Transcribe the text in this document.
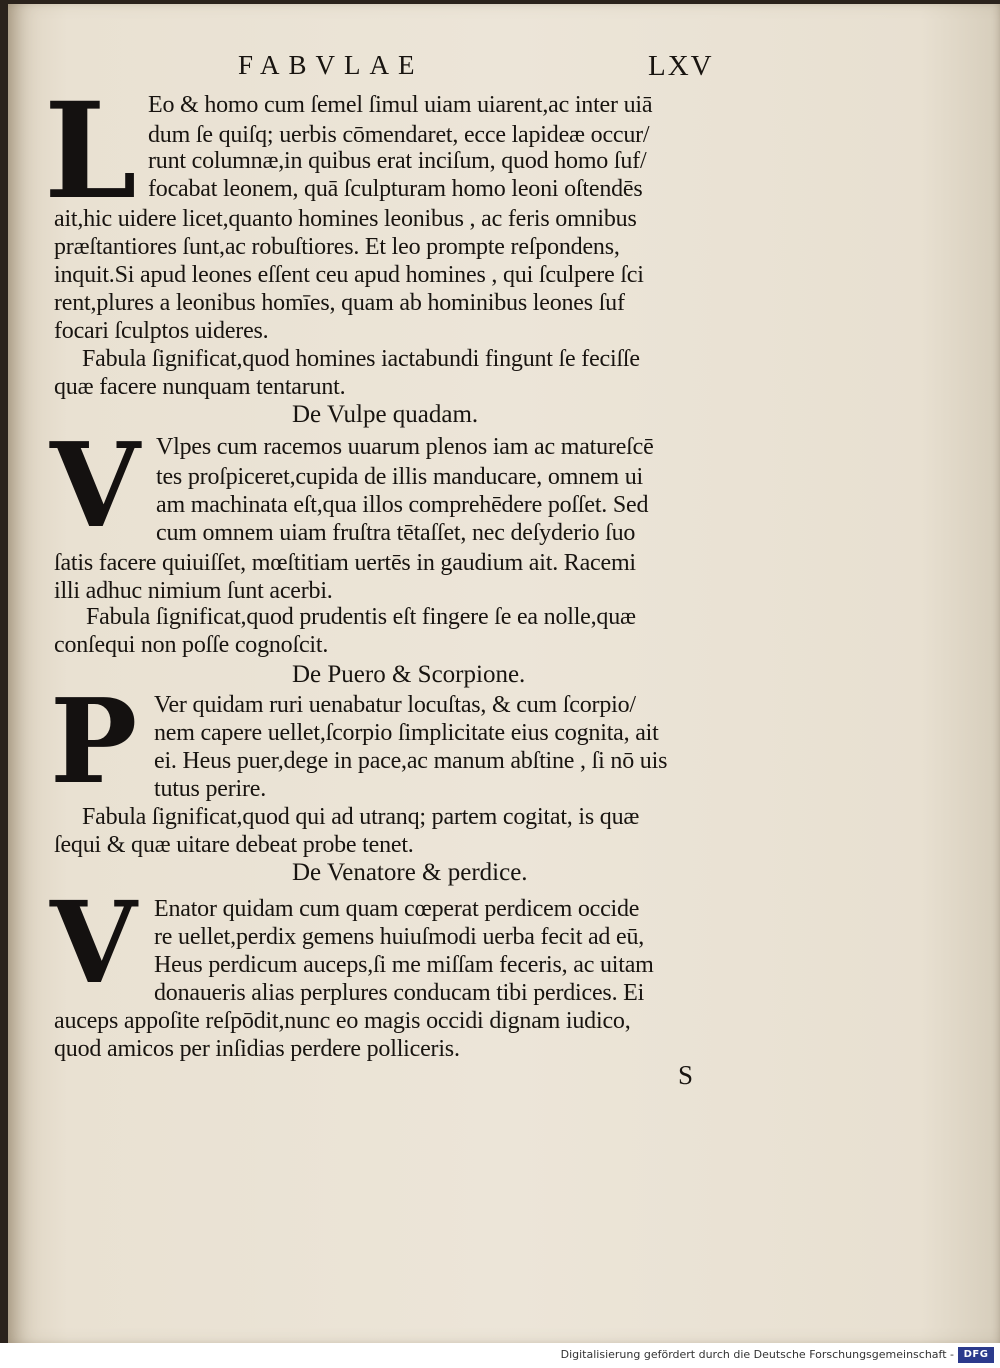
FABVLAE	LXV
L Eo & homo cum ſemel ſimul uiam uiarent,ac inter uiā
dum ſe quiſq; uerbis cōmendaret, ecce lapideæ occur/
runt columnæ,in quibus erat inciſum, quod homo ſuf/
focabat leonem, quā ſculpturam homo leoni oſtendēs
ait,hic uidere licet,quanto homines leonibus , ac feris omnibus
præſtantiores ſunt,ac robuſtiores. Et leo prompte reſpondens,
inquit.Si apud leones eſſent ceu apud homines , qui ſculpere ſci
rent,plures a leonibus homīes, quam ab hominibus leones ſuf
focari ſculptos uideres.
Fabula ſignificat,quod homines iactabundi fingunt ſe feciſſe
quæ facere nunquam tentarunt.
De Vulpe quadam.
V Vlpes cum racemos uuarum plenos iam ac matureſcē
tes proſpiceret,cupida de illis manducare, omnem ui
am machinata eſt,qua illos comprehēdere poſſet. Sed
cum omnem uiam fruſtra tētaſſet, nec deſyderio ſuo
ſatis facere quiuiſſet, mœſtitiam uertēs in gaudium ait. Racemi
illi adhuc nimium ſunt acerbi.
Fabula ſignificat,quod prudentis eſt fingere ſe ea nolle,quæ
conſequi non poſſe cognoſcit.
De Puero & Scorpione.
P Ver quidam ruri uenabatur locuſtas, & cum ſcorpio/
nem capere uellet,ſcorpio ſimplicitate eius cognita, ait
ei. Heus puer,dege in pace,ac manum abſtine , ſi nō uis
tutus perire.
Fabula ſignificat,quod qui ad utranq; partem cogitat, is quæ
ſequi & quæ uitare debeat probe tenet.
De Venatore & perdice.
V Enator quidam cum quam cœperat perdicem occide
re uellet,perdix gemens huiuſmodi uerba fecit ad eū,
Heus perdicum auceps,ſi me miſſam feceris, ac uitam
donaueris alias perplures conducam tibi perdices. Ei
auceps appoſite reſpōdit,nunc eo magis occidi dignam iudico,
quod amicos per inſidias perdere polliceris.
S
Digitalisierung gefördert durch die Deutsche Forschungsgemeinschaft - DFG
